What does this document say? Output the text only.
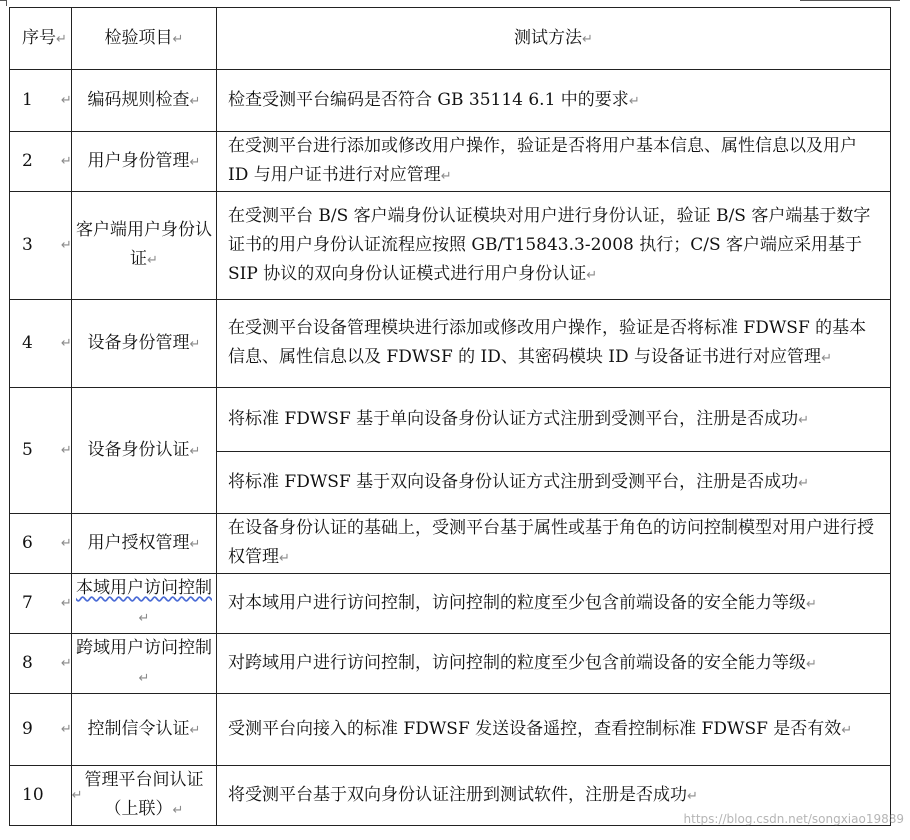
序号↵	检验项目↵	测试方法↵
1 ↵	编码规则检查↵	检查受测平台编码是否符合 GB 35114 6.1 中的要求↵
2 ↵	用户身份管理↵	在受测平台进行添加或修改用户操作，验证是否将用户基本信息、属性信息以及用户 ID 与用户证书进行对应管理↵
3 ↵	客户端用户身份认证↵	在受测平台 B/S 客户端身份认证模块对用户进行身份认证，验证 B/S 客户端基于数字证书的用户身份认证流程应按照 GB/T15843.3-2008 执行；C/S 客户端应采用基于 SIP 协议的双向身份认证模式进行用户身份认证↵
4 ↵	设备身份管理↵	在受测平台设备管理模块进行添加或修改用户操作，验证是否将标准 FDWSF 的基本信息、属性信息以及 FDWSF 的 ID、其密码模块 ID 与设备证书进行对应管理↵
5 ↵	设备身份认证↵	将标准 FDWSF 基于单向设备身份认证方式注册到受测平台，注册是否成功↵
		将标准 FDWSF 基于双向设备身份认证方式注册到受测平台，注册是否成功↵
6 ↵	用户授权管理↵	在设备身份认证的基础上，受测平台基于属性或基于角色的访问控制模型对用户进行授权管理↵
7 ↵	本域用户访问控制↵	对本域用户进行访问控制，访问控制的粒度至少包含前端设备的安全能力等级↵
8 ↵	跨域用户访问控制↵	对跨域用户进行访问控制，访问控制的粒度至少包含前端设备的安全能力等级↵
9 ↵	控制信令认证↵	受测平台向接入的标准 FDWSF 发送设备遥控，查看控制标准 FDWSF 是否有效↵
10 ↵	管理平台间认证（上联）↵	将受测平台基于双向身份认证注册到测试软件，注册是否成功↵
https://blog.csdn.net/songxiao19889
